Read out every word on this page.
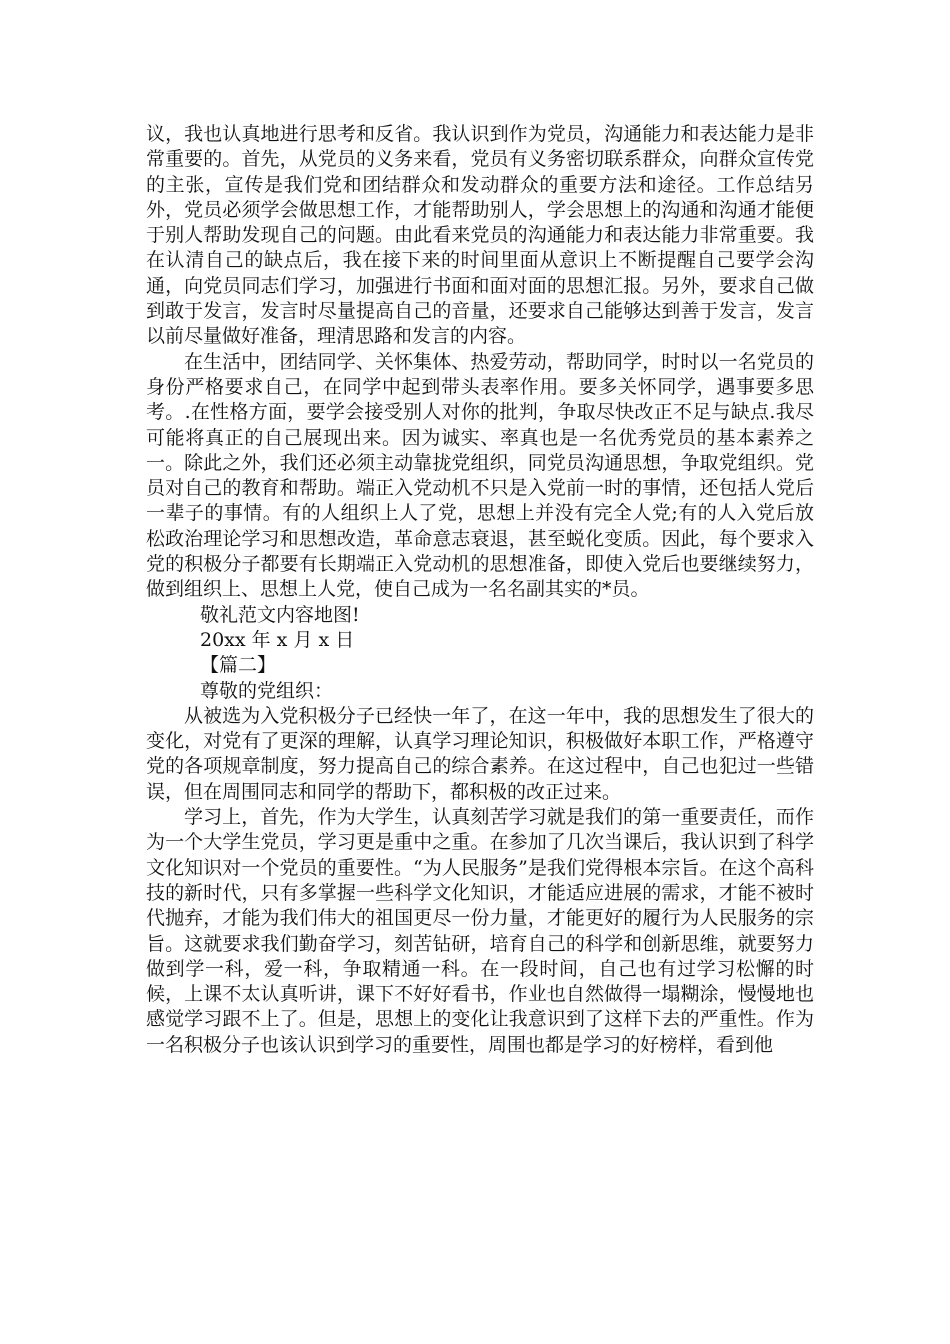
议，我也认真地进行思考和反省。我认识到作为党员，沟通能力和表达能力是非常重要的。首先，从党员的义务来看，党员有义务密切联系群众，向群众宣传党的主张，宣传是我们党和团结群众和发动群众的重要方法和途径。工作总结另外，党员必须学会做思想工作，才能帮助别人，学会思想上的沟通和沟通才能便于别人帮助发现自己的问题。由此看来党员的沟通能力和表达能力非常重要。我在认清自己的缺点后，我在接下来的时间里面从意识上不断提醒自己要学会沟通，向党员同志们学习，加强进行书面和面对面的思想汇报。另外，要求自己做到敢于发言，发言时尽量提高自己的音量，还要求自己能够达到善于发言，发言以前尽量做好准备，理清思路和发言的内容。

在生活中，团结同学、关怀集体、热爱劳动，帮助同学，时时以一名党员的身份严格要求自己，在同学中起到带头表率作用。要多关怀同学，遇事要多思考。.在性格方面，要学会接受别人对你的批判，争取尽快改正不足与缺点.我尽可能将真正的自己展现出来。因为诚实、率真也是一名优秀党员的基本素养之一。除此之外，我们还必须主动靠拢党组织，同党员沟通思想，争取党组织。党员对自己的教育和帮助。端正入党动机不只是入党前一时的事情，还包括人党后一辈子的事情。有的人组织上人了党，思想上并没有完全人党;有的人入党后放松政治理论学习和思想改造，革命意志衰退，甚至蜕化变质。因此，每个要求入党的积极分子都要有长期端正入党动机的思想准备，即使入党后也要继续努力，做到组织上、思想上人党，使自己成为一名名副其实的*员。

敬礼范文内容地图!

20xx 年 x 月 x 日

【篇二】

尊敬的党组织：

从被选为入党积极分子已经快一年了，在这一年中，我的思想发生了很大的变化，对党有了更深的理解，认真学习理论知识，积极做好本职工作，严格遵守党的各项规章制度，努力提高自己的综合素养。在这过程中，自己也犯过一些错误，但在周围同志和同学的帮助下，都积极的改正过来。

学习上，首先，作为大学生，认真刻苦学习就是我们的第一重要责任，而作为一个大学生党员，学习更是重中之重。在参加了几次当课后，我认识到了科学文化知识对一个党员的重要性。“为人民服务”是我们党得根本宗旨。在这个高科技的新时代，只有多掌握一些科学文化知识，才能适应进展的需求，才能不被时代抛弃，才能为我们伟大的祖国更尽一份力量，才能更好的履行为人民服务的宗旨。这就要求我们勤奋学习，刻苦钻研，培育自己的科学和创新思维，就要努力做到学一科，爱一科，争取精通一科。在一段时间，自己也有过学习松懈的时候，上课不太认真听讲，课下不好好看书，作业也自然做得一塌糊涂，慢慢地也感觉学习跟不上了。但是，思想上的变化让我意识到了这样下去的严重性。作为一名积极分子也该认识到学习的重要性，周围也都是学习的好榜样，看到他
